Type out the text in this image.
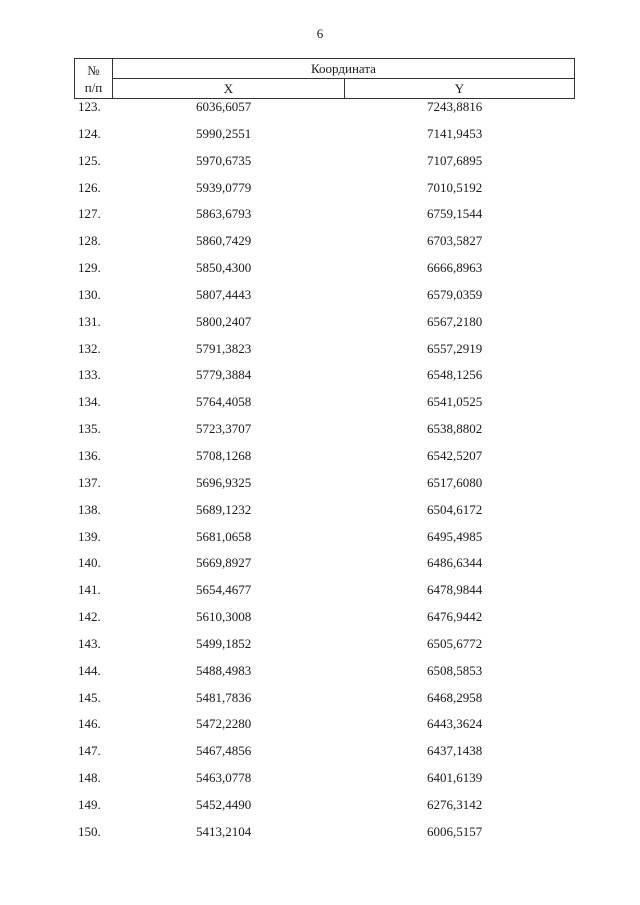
6
№
п/п	Координата	
	X	Y
123.	6036,6057	7243,8816
124.	5990,2551	7141,9453
125.	5970,6735	7107,6895
126.	5939,0779	7010,5192
127.	5863,6793	6759,1544
128.	5860,7429	6703,5827
129.	5850,4300	6666,8963
130.	5807,4443	6579,0359
131.	5800,2407	6567,2180
132.	5791,3823	6557,2919
133.	5779,3884	6548,1256
134.	5764,4058	6541,0525
135.	5723,3707	6538,8802
136.	5708,1268	6542,5207
137.	5696,9325	6517,6080
138.	5689,1232	6504,6172
139.	5681,0658	6495,4985
140.	5669,8927	6486,6344
141.	5654,4677	6478,9844
142.	5610,3008	6476,9442
143.	5499,1852	6505,6772
144.	5488,4983	6508,5853
145.	5481,7836	6468,2958
146.	5472,2280	6443,3624
147.	5467,4856	6437,1438
148.	5463,0778	6401,6139
149.	5452,4490	6276,3142
150.	5413,2104	6006,5157
